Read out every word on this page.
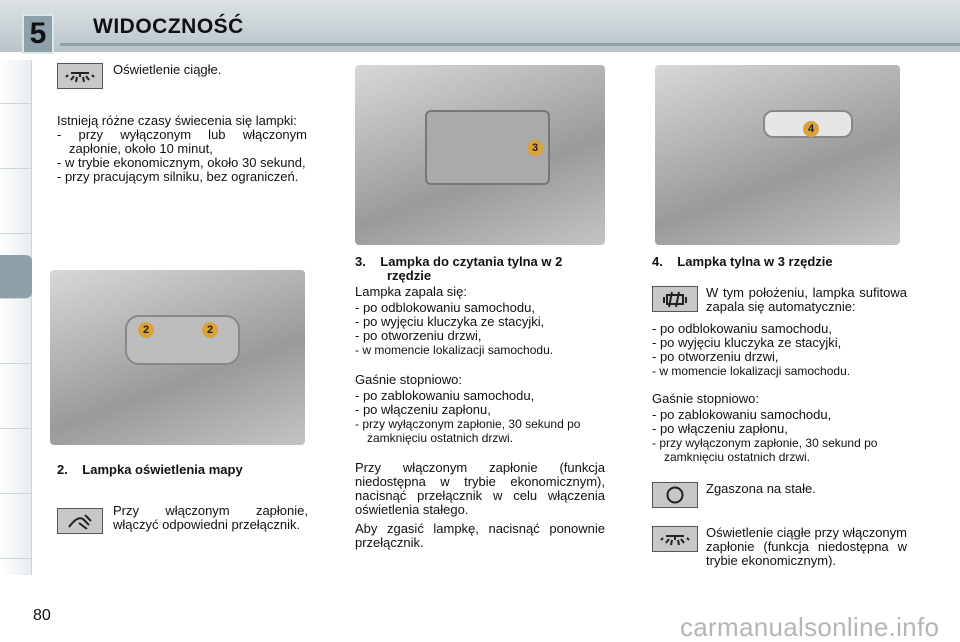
5	WIDOCZNOŚĆ
Oświetlenie ciągłe.
Istnieją różne czasy świecenia się lampki:
- przy wyłączonym lub włączonym zapłonie, około 10 minut,
- w trybie ekonomicznym, około 30 sekund,
- przy pracującym silniku, bez ograniczeń.
2	2
2.    Lampka oświetlenia mapy
Przy włączonym zapłonie, włączyć odpowiedni przełącznik.
3
3.    Lampka do czytania tylna w 2 rzędzie
Lampka zapala się:
- po odblokowaniu samochodu,
- po wyjęciu kluczyka ze stacyjki,
- po otworzeniu drzwi,
- w momencie lokalizacji samochodu.
Gaśnie stopniowo:
- po zablokowaniu samochodu,
- po włączeniu zapłonu,
- przy wyłączonym zapłonie, 30 sekund po zamknięciu ostatnich drzwi.
Przy włączonym zapłonie (funkcja niedostępna w trybie ekonomicznym), nacisnąć przełącznik w celu włączenia oświetlenia stałego.
Aby zgasić lampkę, nacisnąć ponownie przełącznik.
4
4.    Lampka tylna w 3 rzędzie
W tym położeniu, lampka sufitowa zapala się automatycznie:
- po odblokowaniu samochodu,
- po wyjęciu kluczyka ze stacyjki,
- po otworzeniu drzwi,
- w momencie lokalizacji samochodu.
Gaśnie stopniowo:
- po zablokowaniu samochodu,
- po włączeniu zapłonu,
- przy wyłączonym zapłonie, 30 sekund po zamknięciu ostatnich drzwi.
Zgaszona na stałe.
Oświetlenie ciągłe przy włączonym zapłonie (funkcja niedostępna w trybie ekonomicznym).
80	carmanualsonline.info
